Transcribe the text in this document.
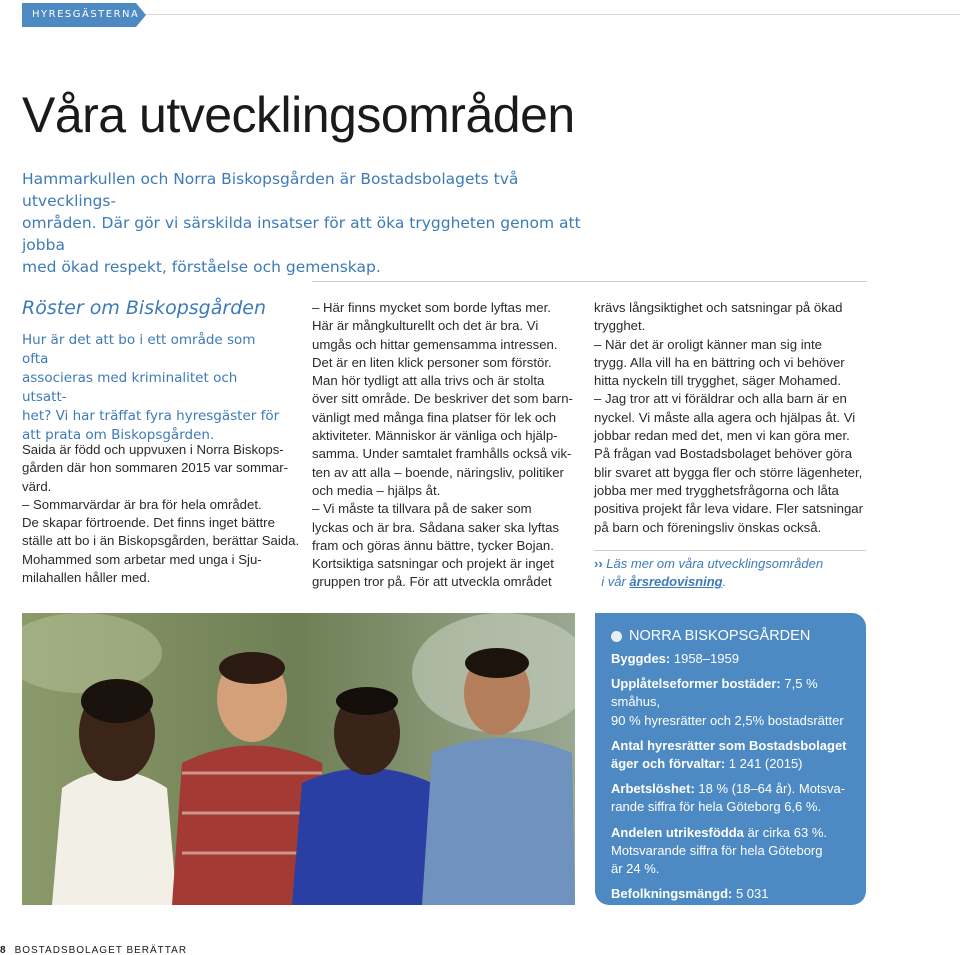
HYRESGÄSTERNA
Våra utvecklingsområden

Hammarkullen och Norra Biskopsgården är Bostadsbolagets två utvecklings-

områden. Där gör vi särskilda insatser för att öka tryggheten genom att jobba

med ökad respekt, förståelse och gemenskap.

Röster om Biskopsgården

Hur är det att bo i ett område som ofta

associeras med kriminalitet och utsatt-

het? Vi har träffat fyra hyresgäster för

att prata om Biskopsgården.

Saida är född och uppvuxen i Norra Biskops-

gården där hon sommaren 2015 var sommar-

värd.

– Sommarvärdar är bra för hela området.

De skapar förtroende. Det finns inget bättre

ställe att bo i än Biskopsgården, berättar Saida.

Mohammed som arbetar med unga i Sju-

milahallen håller med.

– Här finns mycket som borde lyftas mer.

Här är mångkulturellt och det är bra. Vi

umgås och hittar gemensamma intressen.

Det är en liten klick personer som förstör.

Man hör tydligt att alla trivs och är stolta

över sitt område. De beskriver det som barn-

vänligt med många fina platser för lek och

aktiviteter. Människor är vänliga och hjälp-

samma. Under samtalet framhålls också vik-

ten av att alla – boende, näringsliv, politiker

och media – hjälps åt.

– Vi måste ta tillvara på de saker som

lyckas och är bra. Sådana saker ska lyftas

fram och göras ännu bättre, tycker Bojan.

Kortsiktiga satsningar och projekt är inget

gruppen tror på. För att utveckla området

krävs långsiktighet och satsningar på ökad

trygghet.

– När det är oroligt känner man sig inte

trygg. Alla vill ha en bättring och vi behöver

hitta nyckeln till trygghet, säger Mohamed.

– Jag tror att vi föräldrar och alla barn är en

nyckel. Vi måste alla agera och hjälpas åt. Vi

jobbar redan med det, men vi kan göra mer.

På frågan vad Bostadsbolaget behöver göra

blir svaret att bygga fler och större lägenheter,

jobba mer med trygghetsfrågorna och låta

positiva projekt får leva vidare. Fler satsningar

på barn och föreningsliv önskas också.

›› Läs mer om våra utvecklingsområden

i vår årsredovisning.

NORRA BISKOPSGÅRDEN
Byggdes: 1958–1959
Upplåtelseformer bostäder: 7,5 % småhus,
90 % hyresrätter och 2,5% bostadsrätter
Antal hyresrätter som Bostadsbolaget
äger och förvaltar: 1 241 (2015)
Arbetslöshet: 18 % (18–64 år). Motsva-
rande siffra för hela Göteborg 6,6 %.
Andelen utrikesfödda är cirka 63 %.
Motsvarande siffra för hela Göteborg
är 24 %.
Befolkningsmängd: 5 031
Siffrorna är från 2014 om inget annat anges.
8 BOSTADSBOLAGET BERÄTTAR
